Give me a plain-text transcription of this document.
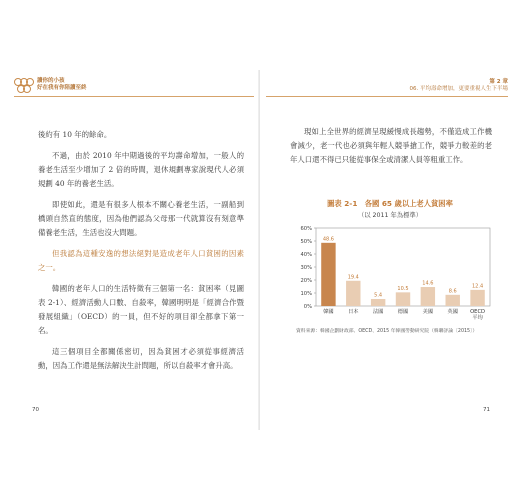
讀你的小孩
好在我有你陪讀至終

後約有 10 年的餘命。

不過，由於 2010 年中期過後的平均壽命增加，一般人的養老生活至少增加了 2 倍的時間，退休規劃專家說現代人必須規劃 40 年的養老生活。

即使如此，還是有很多人根本不關心養老生活，一副船到橋頭自然直的態度，因為他們認為父母那一代就算沒有刻意準備養老生活，生活也沒大問題。

但我認為這種安逸的想法絕對是造成老年人口貧困的因素之一。

韓國的老年人口的生活特徵有三個第一名：貧困率（見圖表 2-1）、經濟活動人口數、自殺率，韓國明明是「經濟合作暨發展組織」（OECD）的一員，但不好的項目卻全都拿下第一名。

這三個項目全都關係密切，因為貧困才必須從事經濟活動，因為工作還是無法解決生計問題，所以自殺率才會升高。

70
第 2 章
06. 平均壽命增加，更要重視人生下半場

現如上全世界的經濟呈現緩慢成長趨勢，不僅造成工作機會減少，老一代也必須與年輕人競爭搶工作，競爭力較差的老年人口還不得已只能從事保全或清潔人員等粗重工作。

圖表 2-1　各國 65 歲以上老人貧困率
（以 2011 年為標準）
0%
10%
20%
30%
40%
50%
60%
48.6
韓國
19.4
日本
5.4
法國
10.5
德國
14.6
美國
8.6
英國
12.4
OECD
平均
資料來源：韓國企劃財政部、OECD、2015 年韓國勞動研究院（韓聯評論〔2015〕）
71
